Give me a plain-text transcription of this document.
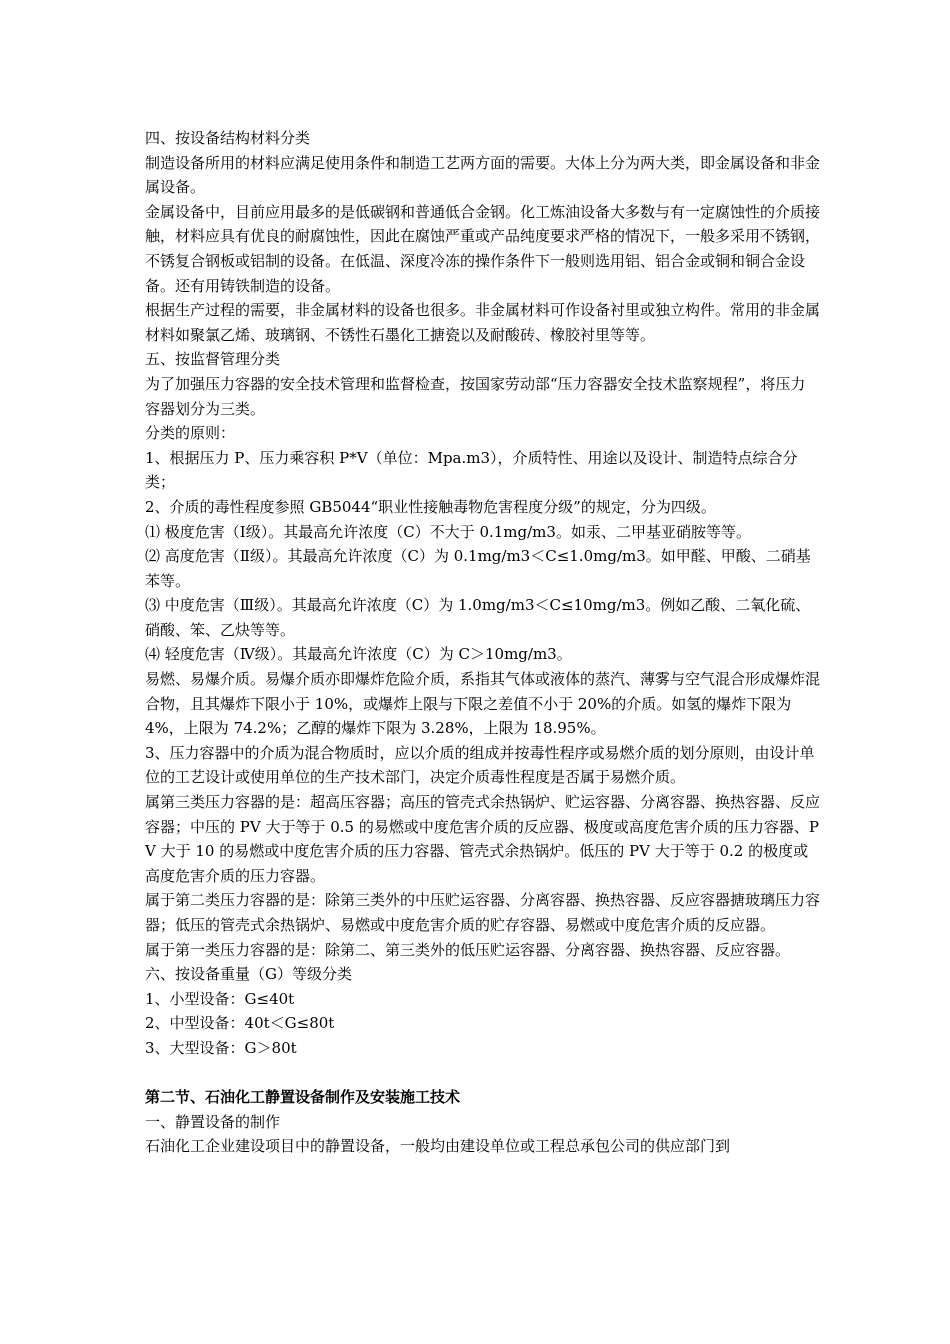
四、按设备结构材料分类

制造设备所用的材料应满足使用条件和制造工艺两方面的需要。大体上分为两大类，即金属设备和非金属设备。

金属设备中，目前应用最多的是低碳钢和普通低合金钢。化工炼油设备大多数与有一定腐蚀性的介质接触，材料应具有优良的耐腐蚀性，因此在腐蚀严重或产品纯度要求严格的情况下，一般多采用不锈钢，不锈复合钢板或铝制的设备。在低温、深度冷冻的操作条件下一般则选用铝、铝合金或铜和铜合金设备。还有用铸铁制造的设备。

根据生产过程的需要，非金属材料的设备也很多。非金属材料可作设备衬里或独立构件。常用的非金属材料如聚氯乙烯、玻璃钢、不锈性石墨化工搪瓷以及耐酸砖、橡胶衬里等等。

五、按监督管理分类

为了加强压力容器的安全技术管理和监督检查，按国家劳动部“压力容器安全技术监察规程”，将压力容器划分为三类。

分类的原则：

1、根据压力 P、压力乘容积 P*V（单位：Mpa.m3），介质特性、用途以及设计、制造特点综合分类；

2、介质的毒性程度参照 GB5044“职业性接触毒物危害程度分级”的规定，分为四级。

⑴ 极度危害（Ⅰ级）。其最高允许浓度（C）不大于 0.1mg/m3。如汞、二甲基亚硝胺等等。

⑵ 高度危害（Ⅱ级）。其最高允许浓度（C）为 0.1mg/m3＜C≤1.0mg/m3。如甲醛、甲酸、二硝基苯等。

⑶ 中度危害（Ⅲ级）。其最高允许浓度（C）为 1.0mg/m3＜C≤10mg/m3。例如乙酸、二氧化硫、硝酸、笨、乙炔等等。

⑷ 轻度危害（Ⅳ级）。其最高允许浓度（C）为 C＞10mg/m3。

易燃、易爆介质。易爆介质亦即爆炸危险介质，系指其气体或液体的蒸汽、薄雾与空气混合形成爆炸混合物，且其爆炸下限小于 10%，或爆炸上限与下限之差值不小于 20%的介质。如氢的爆炸下限为 4%，上限为 74.2%；乙醇的爆炸下限为 3.28%，上限为 18.95%。

3、压力容器中的介质为混合物质时，应以介质的组成并按毒性程序或易燃介质的划分原则，由设计单位的工艺设计或使用单位的生产技术部门，决定介质毒性程度是否属于易燃介质。

属第三类压力容器的是：超高压容器；高压的管壳式余热锅炉、贮运容器、分离容器、换热容器、反应容器；中压的 PV 大于等于 0.5 的易燃或中度危害介质的反应器、极度或高度危害介质的压力容器、PV 大于 10 的易燃或中度危害介质的压力容器、管壳式余热锅炉。低压的 PV 大于等于 0.2 的极度或高度危害介质的压力容器。

属于第二类压力容器的是：除第三类外的中压贮运容器、分离容器、换热容器、反应容器搪玻璃压力容器；低压的管壳式余热锅炉、易燃或中度危害介质的贮存容器、易燃或中度危害介质的反应器。

属于第一类压力容器的是：除第二、第三类外的低压贮运容器、分离容器、换热容器、反应容器。

六、按设备重量（G）等级分类

1、小型设备：G≤40t

2、中型设备：40t＜G≤80t

3、大型设备：G＞80t

第二节、石油化工静置设备制作及安装施工技术

一、静置设备的制作

石油化工企业建设项目中的静置设备，一般均由建设单位或工程总承包公司的供应部门到
